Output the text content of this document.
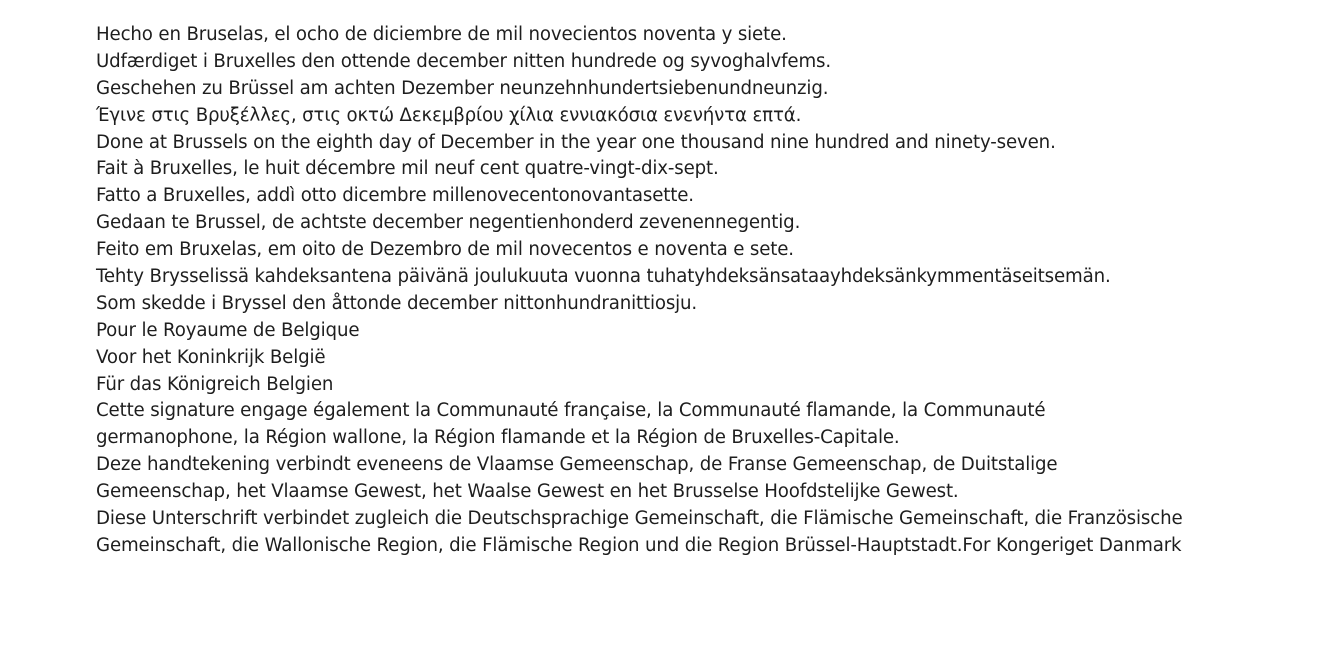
Hecho en Bruselas, el ocho de diciembre de mil novecientos noventa y siete.
Udfærdiget i Bruxelles den ottende december nitten hundrede og syvoghalvfems.
Geschehen zu Brüssel am achten Dezember neunzehnhundertsiebenundneunzig.
Έγινε στις Βρυξέλλες, στις οκτώ Δεκεμβρίου χίλια εννιακόσια ενενήντα επτά.
Done at Brussels on the eighth day of December in the year one thousand nine hundred and ninety-seven.
Fait à Bruxelles, le huit décembre mil neuf cent quatre-vingt-dix-sept.
Fatto a Bruxelles, addì otto dicembre millenovecentonovantasette.
Gedaan te Brussel, de achtste december negentienhonderd zevenennegentig.
Feito em Bruxelas, em oito de Dezembro de mil novecentos e noventa e sete.
Tehty Brysselissä kahdeksantena päivänä joulukuuta vuonna tuhatyhdeksänsataayhdeksänkymmentäseitsemän.
Som skedde i Bryssel den åttonde december nittonhundranittiosju.
Pour le Royaume de Belgique
Voor het Koninkrijk België
Für das Königreich Belgien
Cette signature engage également la Communauté française, la Communauté flamande, la Communauté
germanophone, la Région wallone, la Région flamande et la Région de Bruxelles-Capitale.
Deze handtekening verbindt eveneens de Vlaamse Gemeenschap, de Franse Gemeenschap, de Duitstalige
Gemeenschap, het Vlaamse Gewest, het Waalse Gewest en het Brusselse Hoofdstelijke Gewest.
Diese Unterschrift verbindet zugleich die Deutschsprachige Gemeinschaft, die Flämische Gemeinschaft, die Französische
Gemeinschaft, die Wallonische Region, die Flämische Region und die Region Brüssel-Hauptstadt.For Kongeriget Danmark
